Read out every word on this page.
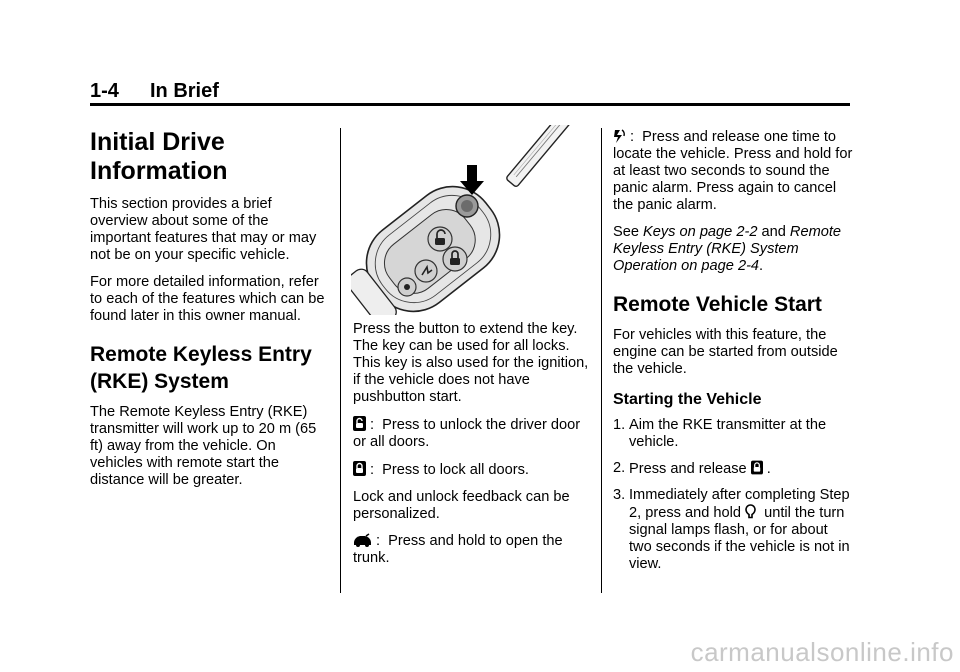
1-4 In Brief
Initial Drive Information

This section provides a brief overview about some of the important features that may or may not be on your specific vehicle.

For more detailed information, refer to each of the features which can be found later in this owner manual.

Remote Keyless Entry (RKE) System

The Remote Keyless Entry (RKE) transmitter will work up to 20 m (65 ft) away from the vehicle. On vehicles with remote start the distance will be greater.

Press the button to extend the key. The key can be used for all locks. This key is also used for the ignition, if the vehicle does not have pushbutton start.

:  Press to unlock the driver door or all doors.

:  Press to lock all doors.

Lock and unlock feedback can be personalized.

:  Press and hold to open the trunk.

:  Press and release one time to locate the vehicle. Press and hold for at least two seconds to sound the panic alarm. Press again to cancel the panic alarm.

See Keys on page 2-2 and Remote Keyless Entry (RKE) System Operation on page 2-4.

Remote Vehicle Start

For vehicles with this feature, the engine can be started from outside the vehicle.

Starting the Vehicle
1. Aim the RKE transmitter at the vehicle.
2. Press and release .
3. Immediately after completing Step 2, press and hold until the turn signal lamps flash, or for about two seconds if the vehicle is not in view.
carmanualsonline.info
